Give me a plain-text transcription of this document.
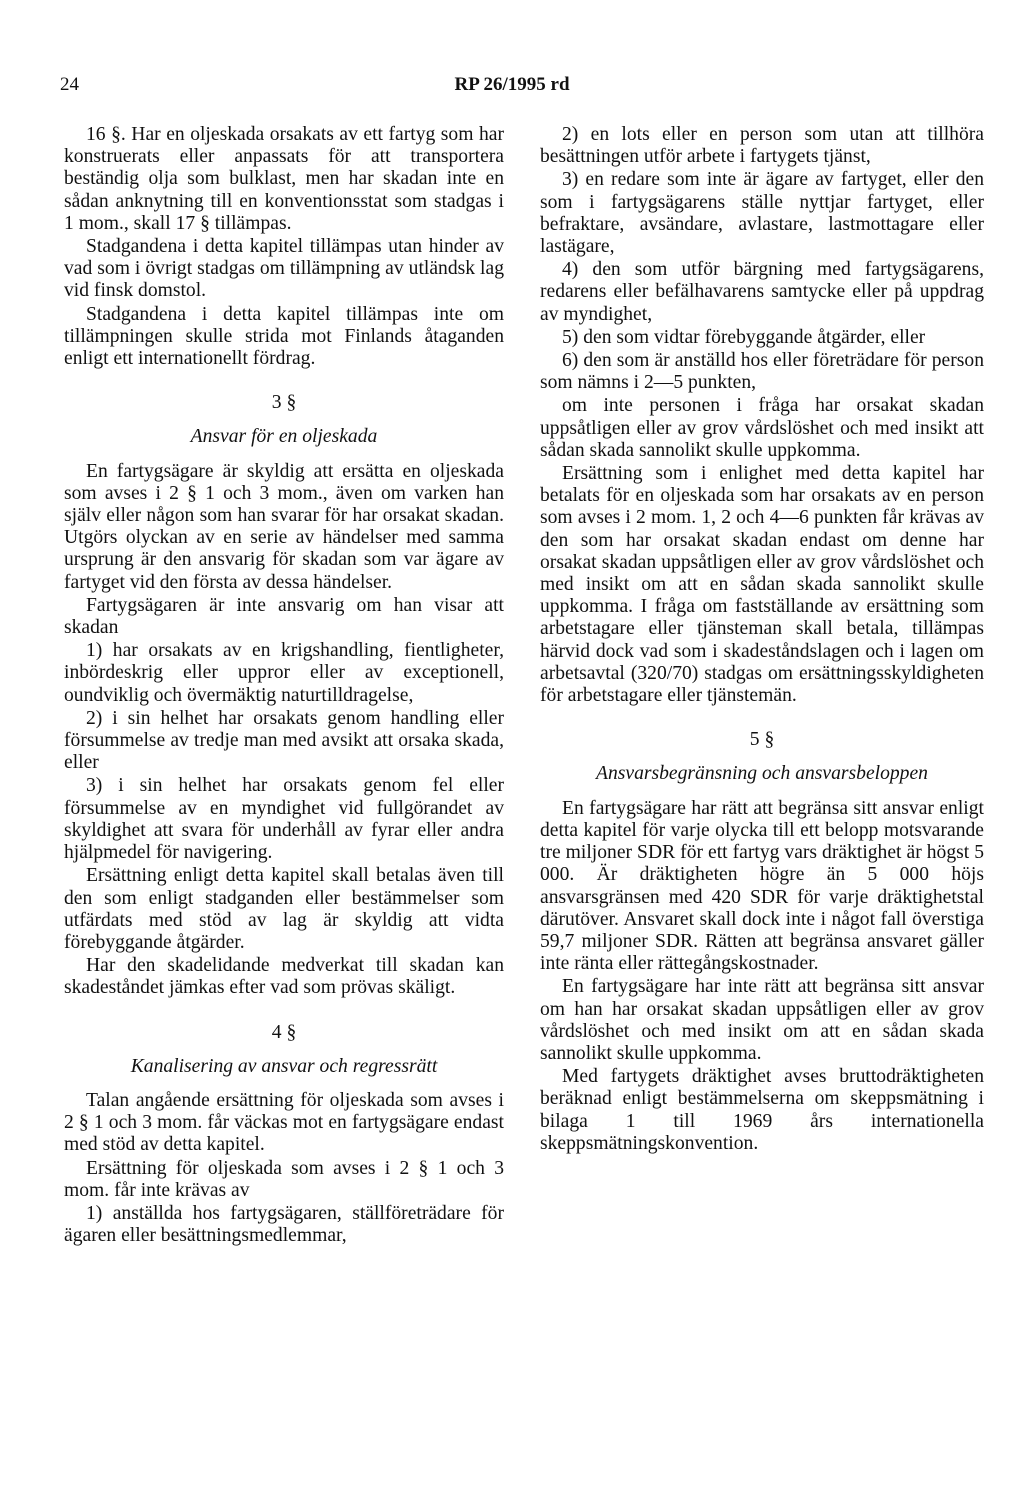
24	RP 26/1995 rd

16 §. Har en oljeskada orsakats av ett fartyg som har konstruerats eller anpassats för att transportera beständig olja som bulklast, men har skadan inte en sådan anknytning till en konventionsstat som stadgas i 1 mom., skall 17 § tillämpas.

Stadgandena i detta kapitel tillämpas utan hinder av vad som i övrigt stadgas om tillämpning av utländsk lag vid finsk domstol.

Stadgandena i detta kapitel tillämpas inte om tillämpningen skulle strida mot Finlands åtaganden enligt ett internationellt fördrag.

3 §
Ansvar för en oljeskada

En fartygsägare är skyldig att ersätta en oljeskada som avses i 2 § 1 och 3 mom., även om varken han själv eller någon som han svarar för har orsakat skadan. Utgörs olyckan av en serie av händelser med samma ursprung är den ansvarig för skadan som var ägare av fartyget vid den första av dessa händelser.

Fartygsägaren är inte ansvarig om han visar att skadan

1) har orsakats av en krigshandling, fientligheter, inbördeskrig eller uppror eller av exceptionell, oundviklig och övermäktig naturtilldragelse,

2) i sin helhet har orsakats genom handling eller försummelse av tredje man med avsikt att orsaka skada, eller

3) i sin helhet har orsakats genom fel eller försummelse av en myndighet vid fullgörandet av skyldighet att svara för underhåll av fyrar eller andra hjälpmedel för navigering.

Ersättning enligt detta kapitel skall betalas även till den som enligt stadganden eller bestämmelser som utfärdats med stöd av lag är skyldig att vidta förebyggande åtgärder.

Har den skadelidande medverkat till skadan kan skadeståndet jämkas efter vad som prövas skäligt.

4 §
Kanalisering av ansvar och regressrätt

Talan angående ersättning för oljeskada som avses i 2 § 1 och 3 mom. får väckas mot en fartygsägare endast med stöd av detta kapitel.

Ersättning för oljeskada som avses i 2 § 1 och 3 mom. får inte krävas av

1) anställda hos fartygsägaren, ställföreträdare för ägaren eller besättningsmedlemmar,

2) en lots eller en person som utan att tillhöra besättningen utför arbete i fartygets tjänst,

3) en redare som inte är ägare av fartyget, eller den som i fartygsägarens ställe nyttjar fartyget, eller befraktare, avsändare, avlastare, lastmottagare eller lastägare,

4) den som utför bärgning med fartygsägarens, redarens eller befälhavarens samtycke eller på uppdrag av myndighet,

5) den som vidtar förebyggande åtgärder, eller

6) den som är anställd hos eller företrädare för person som nämns i 2—5 punkten,

om inte personen i fråga har orsakat skadan uppsåtligen eller av grov vårdslöshet och med insikt att sådan skada sannolikt skulle uppkomma.

Ersättning som i enlighet med detta kapitel har betalats för en oljeskada som har orsakats av en person som avses i 2 mom. 1, 2 och 4—6 punkten får krävas av den som har orsakat skadan endast om denne har orsakat skadan uppsåtligen eller av grov vårdslöshet och med insikt om att en sådan skada sannolikt skulle uppkomma. I fråga om fastställande av ersättning som arbetstagare eller tjänsteman skall betala, tillämpas härvid dock vad som i skadeståndslagen och i lagen om arbetsavtal (320/70) stadgas om ersättningsskyldigheten för arbetstagare eller tjänstemän.

5 §
Ansvarsbegränsning och ansvarsbeloppen

En fartygsägare har rätt att begränsa sitt ansvar enligt detta kapitel för varje olycka till ett belopp motsvarande tre miljoner SDR för ett fartyg vars dräktighet är högst 5 000. Är dräktigheten högre än 5 000 höjs ansvarsgränsen med 420 SDR för varje dräktighetstal därutöver. Ansvaret skall dock inte i något fall överstiga 59,7 miljoner SDR. Rätten att begränsa ansvaret gäller inte ränta eller rättegångskostnader.

En fartygsägare har inte rätt att begränsa sitt ansvar om han har orsakat skadan uppsåtligen eller av grov vårdslöshet och med insikt om att en sådan skada sannolikt skulle uppkomma.

Med fartygets dräktighet avses bruttodräktigheten beräknad enligt bestämmelserna om skeppsmätning i bilaga 1 till 1969 års internationella skeppsmätningskonvention.
